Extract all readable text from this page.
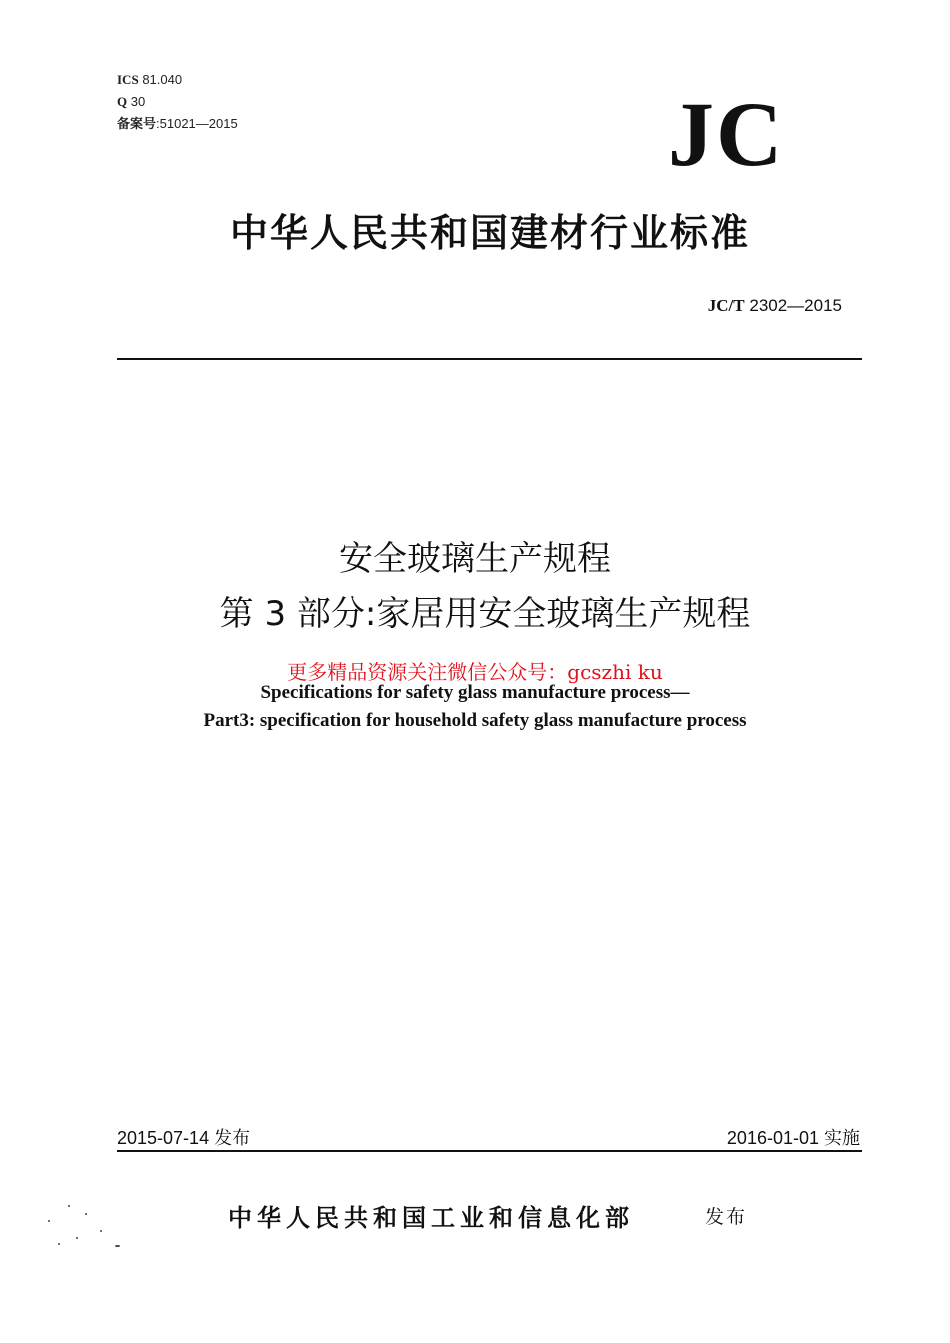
ICS 81.040
Q 30
备案号:51021—2015	JC
中华人民共和国建材行业标准
JC/T 2302—2015
安全玻璃生产规程
第 3 部分:家居用安全玻璃生产规程
更多精品资源关注微信公众号：gcszhi ku
Specifications for safety glass manufacture process—
Part3: specification for household safety glass manufacture process
2015-07-14 发布	2016-01-01 实施
中华人民共和国工业和信息化部	发布
